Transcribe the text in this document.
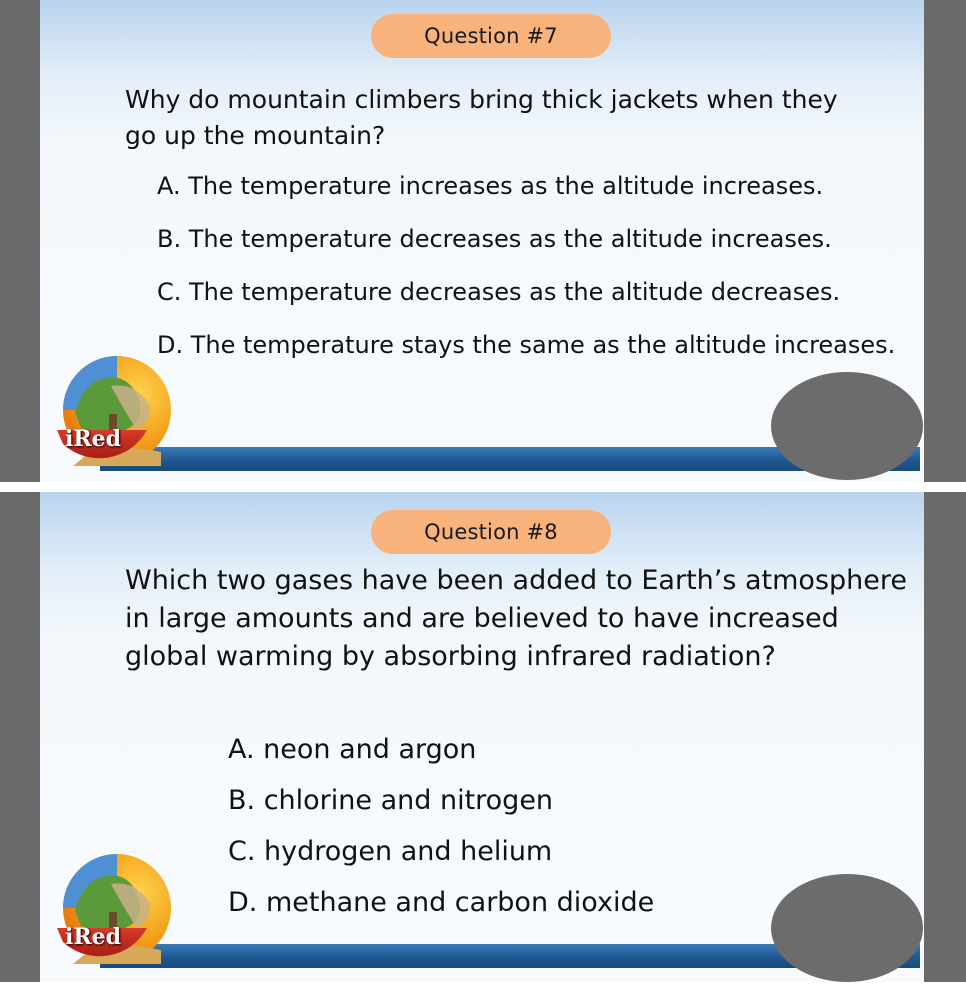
Question #7

Why do mountain climbers bring thick jackets when they go up the mountain?

A. The temperature increases as the altitude increases.
B. The temperature decreases as the altitude increases.
C. The temperature decreases as the altitude decreases.
D. The temperature stays the same as the altitude increases.
iRed
Question #8

Which two gases have been added to Earth’s atmosphere in large amounts and are believed to have increased global warming by absorbing infrared radiation?

A. neon and argon
B. chlorine and nitrogen
C. hydrogen and helium
D. methane and carbon dioxide
iRed
